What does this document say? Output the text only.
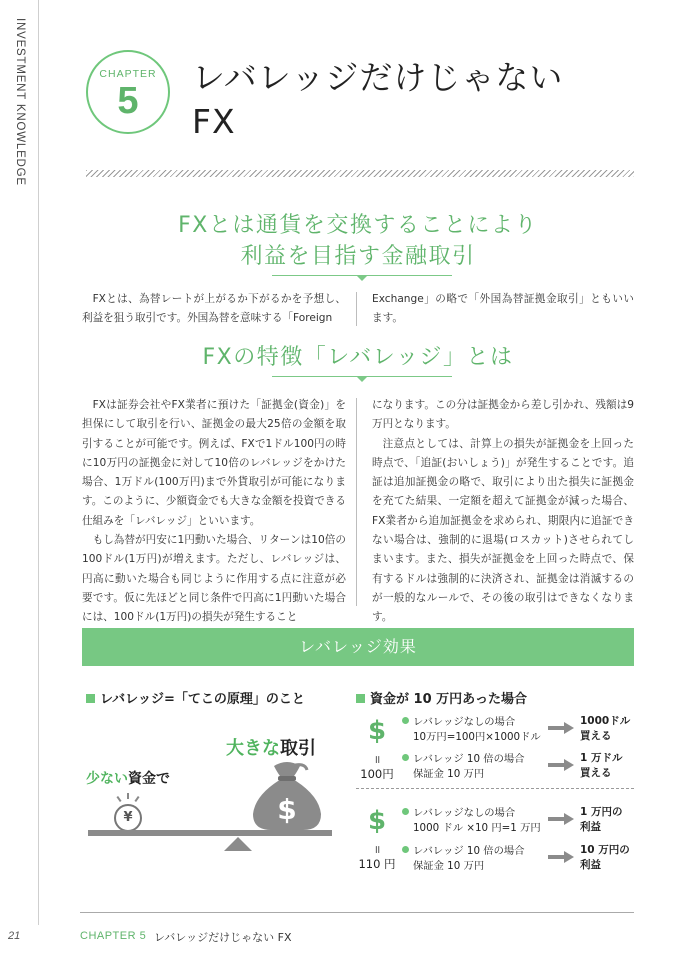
INVESTMENT KNOWLEDGE	CHAPTER
5
レバレッジだけじゃない
FX
FXとは通貨を交換することにより
利益を目指す金融取引

FXとは、為替レートが上がるか下がるかを予想し、利益を狙う取引です。外国為替を意味する「Foreign

Exchange」の略で「外国為替証拠金取引」ともいいます。

FXの特徴「レバレッジ」とは

FXは証券会社やFX業者に預けた「証拠金(資金)」を担保にして取引を行い、証拠金の最大25倍の金額を取引することが可能です。例えば、FXで1ドル100円の時に10万円の証拠金に対して10倍のレバレッジをかけた場合、1万ドル(100万円)まで外貨取引が可能になります。このように、少額資金でも大きな金額を投資できる仕組みを「レバレッジ」といいます。

もし為替が円安に1円動いた場合、リターンは10倍の100ドル(1万円)が増えます。ただし、レバレッジは、円高に動いた場合も同じように作用する点に注意が必要です。仮に先ほどと同じ条件で円高に1円動いた場合には、100ドル(1万円)の損失が発生すること

になります。この分は証拠金から差し引かれ、残額は9万円となります。

注意点としては、計算上の損失が証拠金を上回った時点で、「追証(おいしょう)」が発生することです。追証は追加証拠金の略で、取引により出た損失に証拠金を充てた結果、一定額を超えて証拠金が減った場合、FX業者から追加証拠金を求められ、期限内に追証できない場合は、強制的に退場(ロスカット)させられてしまいます。また、損失が証拠金を上回った時点で、保有するドルは強制的に決済され、証拠金は消滅するのが一般的なルールで、その後の取引はできなくなります。

レバレッジ効果
レバレッジ=「てこの原理」のこと
大きな取引
少ない資金で
¥	$
資金が 10 万円あった場合
$
॥
100円
レバレッジなしの場合
10万円=100円×1000ドル
1000ドル
買える
レバレッジ 10 倍の場合
保証金 10 万円
1 万ドル
買える
$
॥
110 円
レバレッジなしの場合
1000 ドル ×10 円=1 万円
1 万円の
利益
レバレッジ 10 倍の場合
保証金 10 万円
10 万円の
利益
21	CHAPTER 5 レバレッジだけじゃない FX
